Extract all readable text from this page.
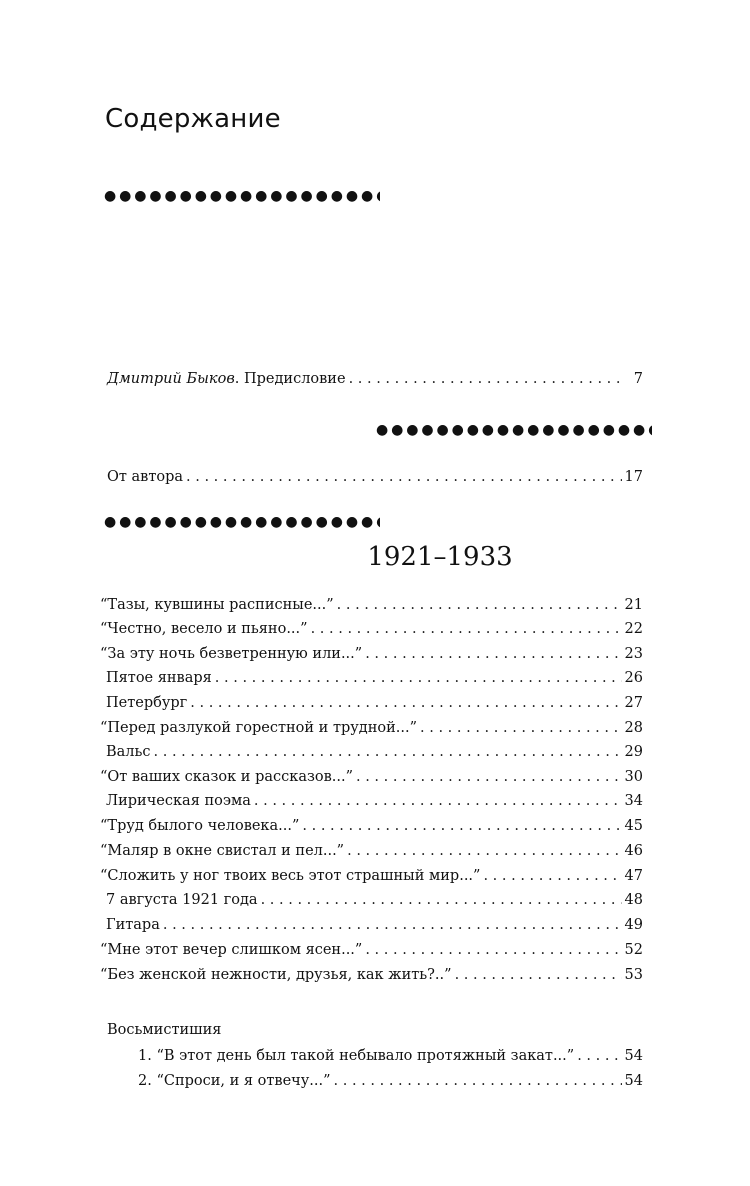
Содержание
●●●●●●●●●●●●●●●●●●●●●●
Дмитрий Быков. Предисловие . . .	7
●●●●●●●●●●●●●●●●●●●●●●
От автора . . .	17
●●●●●●●●●●●●●●●●●●●●●●
1921–1933
“Тазы, кувшины расписные...” . . .	21
“Честно, весело и пьяно...” . . .	22
“За эту ночь безветренную или...” . . .	23
Пятое января . . .	26
Петербург . . .	27
“Перед разлукой горестной и трудной...” . . .	28
Вальс . . .	29
“От ваших сказок и рассказов...” . . .	30
Лирическая поэма . . .	34
“Труд былого человека...” . . .	45
“Маляр в окне свистал и пел...” . . .	46
“Сложить у ног твоих весь этот страшный мир...” . . .	47
7 августа 1921 года . . .	48
Гитара . . .	49
“Мне этот вечер слишком ясен...” . . .	52
“Без женской нежности, друзья, как жить?..” . . .	53
Восьмистишия
1. “В этот день был такой небывало протяжный закат...” . . .	54
2. “Спроси, и я отвечу...” . . .	54
